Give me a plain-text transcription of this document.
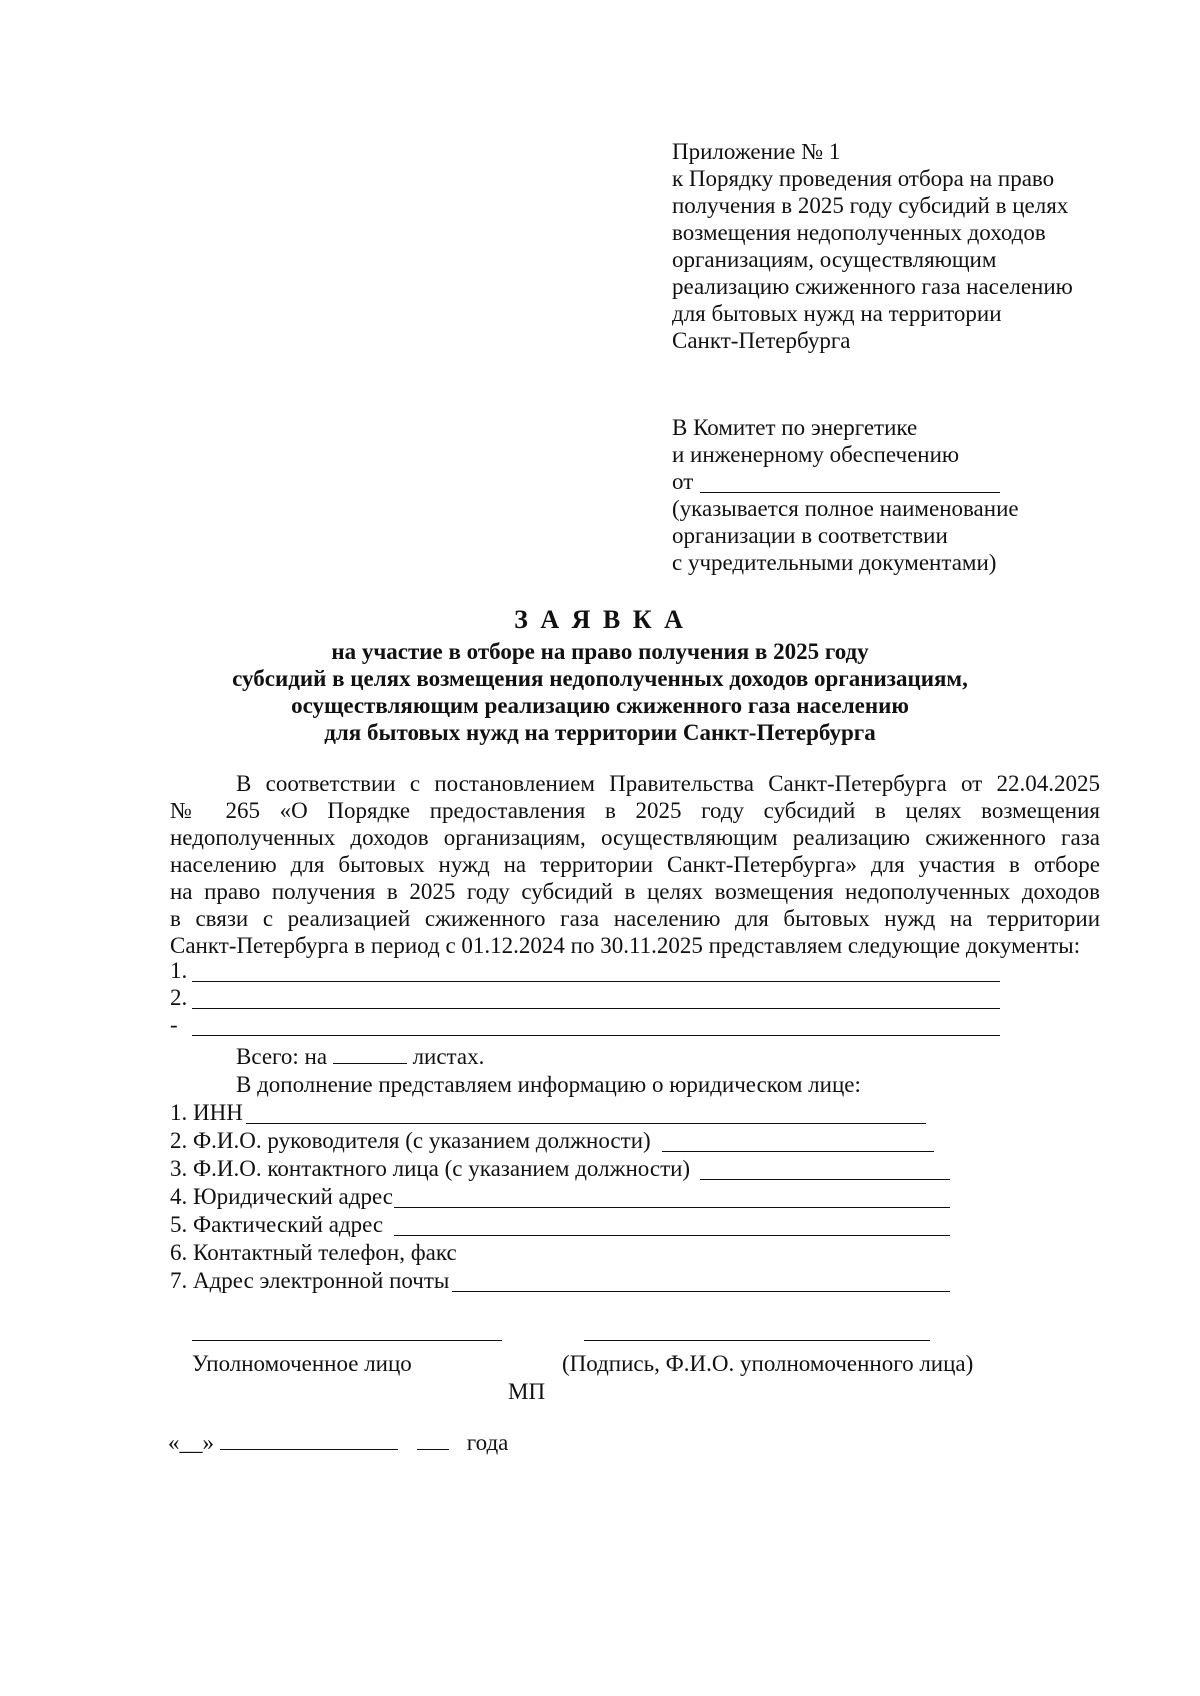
Приложение № 1
к Порядку проведения отбора на право
получения в 2025 году субсидий в целях
возмещения недополученных доходов
организациям, осуществляющим
реализацию сжиженного газа населению
для бытовых нужд на территории
Санкт-Петербурга
В Комитет по энергетике
и инженерному обеспечению
от
(указывается полное наименование
организации в соответствии
с учредительными документами)
З А Я В К А
на участие в отборе на право получения в 2025 году
субсидий в целях возмещения недополученных доходов организациям,
осуществляющим реализацию сжиженного газа населению
для бытовых нужд на территории Санкт-Петербурга
В соответствии с постановлением Правительства Санкт-Петербурга от 22.04.2025
№ 265 «О Порядке предоставления в 2025 году субсидий в целях возмещения
недополученных доходов организациям, осуществляющим реализацию сжиженного газа
населению для бытовых нужд на территории Санкт-Петербурга» для участия в отборе
на право получения в 2025 году субсидий в целях возмещения недополученных доходов
в связи с реализацией сжиженного газа населению для бытовых нужд на территории
Санкт-Петербурга в период с 01.12.2024 по 30.11.2025 представляем следующие документы:
1.
2.
-
Всего: на	листах.
В дополнение представляем информацию о юридическом лице:
1. ИНН
2. Ф.И.О. руководителя (с указанием должности)
3. Ф.И.О. контактного лица (с указанием должности)
4. Юридический адрес
5. Фактический адрес
6. Контактный телефон, факс
7. Адрес электронной почты
Уполномоченное лицо	(Подпись, Ф.И.О. уполномоченного лица)
МП
«__»	года
